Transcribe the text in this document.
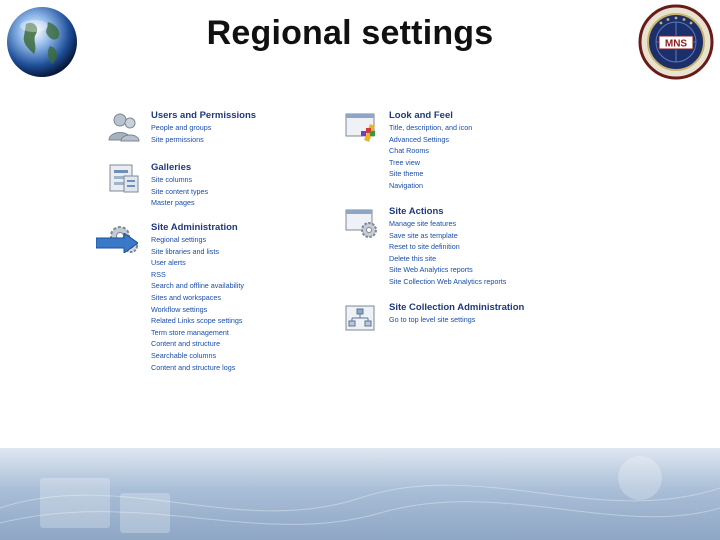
Regional settings	MNS
Users and Permissions
People and groups
Site permissions
Galleries
Site columns
Site content types
Master pages
Site Administration
Regional settings
Site libraries and lists
User alerts
RSS
Search and offline availability
Sites and workspaces
Workflow settings
Related Links scope settings
Term store management
Content and structure
Searchable columns
Content and structure logs
Look and Feel
Title, description, and icon
Advanced Settings
Chat Rooms
Tree view
Site theme
Navigation
Site Actions
Manage site features
Save site as template
Reset to site definition
Delete this site
Site Web Analytics reports
Site Collection Web Analytics reports
Site Collection Administration
Go to top level site settings
